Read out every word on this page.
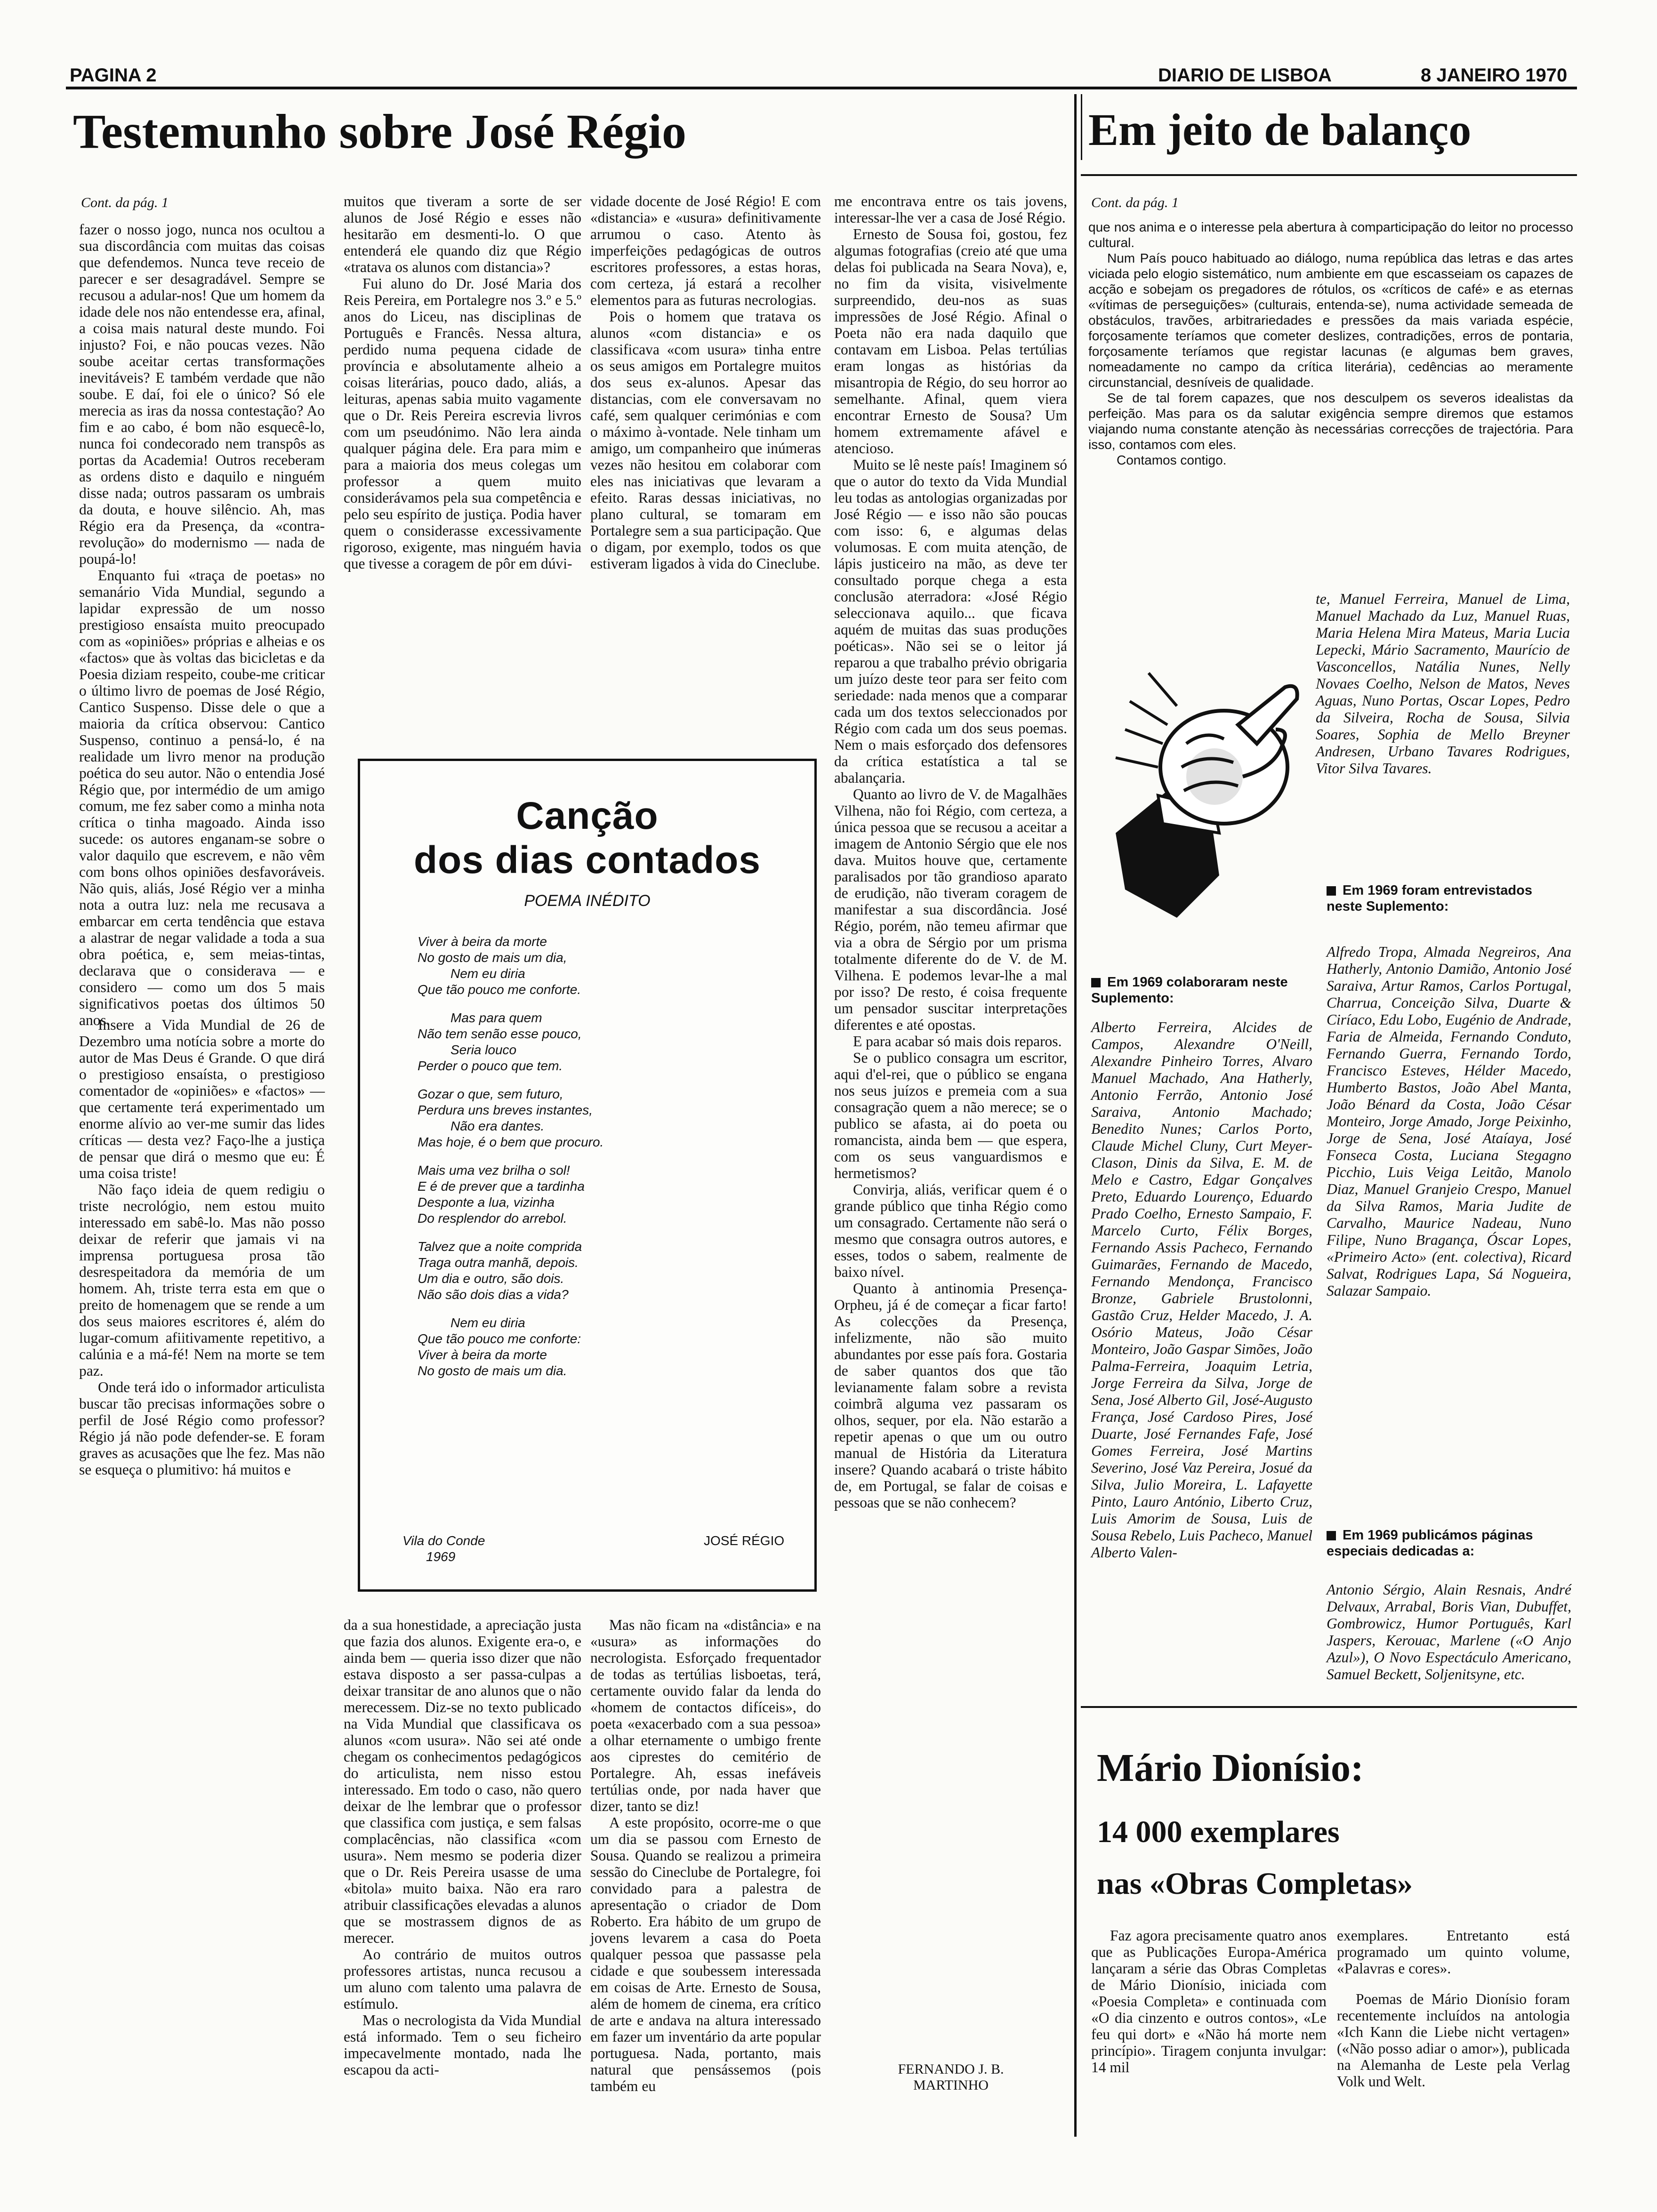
PAGINA 2	DIARIO DE LISBOA	8 JANEIRO 1970
Testemunho sobre José Régio
Cont. da pág. 1

fazer o nosso jogo, nunca nos ocultou a sua discordância com muitas das coisas que defendemos. Nunca teve receio de parecer e ser desagradável. Sempre se recusou a adular-nos! Que um homem da idade dele nos não entendesse era, afinal, a coisa mais natural deste mundo. Foi injusto? Foi, e não poucas vezes. Não soube aceitar certas transformações inevitáveis? E também verdade que não soube. E daí, foi ele o único? Só ele merecia as iras da nossa contestação? Ao fim e ao cabo, é bom não esquecê-lo, nunca foi condecorado nem transpôs as portas da Academia! Outros receberam as ordens disto e daquilo e ninguém disse nada; outros passaram os umbrais da douta, e houve silêncio. Ah, mas Régio era da Presença, da «contra-revolução» do modernismo — nada de poupá-lo!

Enquanto fui «traça de poetas» no semanário Vida Mundial, segundo a lapidar expressão de um nosso prestigioso ensaísta muito preocupado com as «opiniões» próprias e alheias e os «factos» que às voltas das bicicletas e da Poesia diziam respeito, coube-me criticar o último livro de poemas de José Régio, Cantico Suspenso. Disse dele o que a maioria da crítica observou: Cantico Suspenso, continuo a pensá-lo, é na realidade um livro menor na produção poética do seu autor. Não o entendia José Régio que, por intermédio de um amigo comum, me fez saber como a minha nota crítica o tinha magoado. Ainda isso sucede: os autores enganam-se sobre o valor daquilo que escrevem, e não vêm com bons olhos opiniões desfavoráveis. Não quis, aliás, José Régio ver a minha nota a outra luz: nela me recusava a embarcar em certa tendência que estava a alastrar de negar validade a toda a sua obra poética, e, sem meias-tintas, declarava que o considerava — e considero — como um dos 5 mais significativos poetas dos últimos 50 anos.

muitos que tiveram a sorte de ser alunos de José Régio e esses não hesitarão em desmenti-lo. O que entenderá ele quando diz que Régio «tratava os alunos com distancia»?

Fui aluno do Dr. José Maria dos Reis Pereira, em Portalegre nos 3.º e 5.º anos do Liceu, nas disciplinas de Português e Francês. Nessa altura, perdido numa pequena cidade de província e absolutamente alheio a coisas literárias, pouco dado, aliás, a leituras, apenas sabia muito vagamente que o Dr. Reis Pereira escrevia livros com um pseudónimo. Não lera ainda qualquer página dele. Era para mim e para a maioria dos meus colegas um professor a quem muito considerávamos pela sua competência e pelo seu espírito de justiça. Podia haver quem o considerasse excessivamente rigoroso, exigente, mas ninguém havia que tivesse a coragem de pôr em dúvi-

vidade docente de José Régio! E com «distancia» e «usura» definitivamente arrumou o caso. Atento às imperfeições pedagógicas de outros escritores professores, a estas horas, com certeza, já estará a recolher elementos para as futuras necrologias.

Pois o homem que tratava os alunos «com distancia» e os classificava «com usura» tinha entre os seus amigos em Portalegre muitos dos seus ex-alunos. Apesar das distancias, com ele conversavam no café, sem qualquer cerimónias e com o máximo à-vontade. Nele tinham um amigo, um companheiro que inúmeras vezes não hesitou em colaborar com eles nas iniciativas que levaram a efeito. Raras dessas iniciativas, no plano cultural, se tomaram em Portalegre sem a sua participação. Que o digam, por exemplo, todos os que estiveram ligados à vida do Cineclube.

me encontrava entre os tais jovens, interessar-lhe ver a casa de José Régio.

Ernesto de Sousa foi, gostou, fez algumas fotografias (creio até que uma delas foi publicada na Seara Nova), e, no fim da visita, visivelmente surpreendido, deu-nos as suas impressões de José Régio. Afinal o Poeta não era nada daquilo que contavam em Lisboa. Pelas tertúlias eram longas as histórias da misantropia de Régio, do seu horror ao semelhante. Afinal, quem viera encontrar Ernesto de Sousa? Um homem extremamente afável e atencioso.

Muito se lê neste país! Imaginem só que o autor do texto da Vida Mundial leu todas as antologias organizadas por José Régio — e isso não são poucas com isso: 6, e algumas delas volumosas. E com muita atenção, de lápis justiceiro na mão, as deve ter consultado porque chega a esta conclusão aterradora: «José Régio seleccionava aquilo... que ficava aquém de muitas das suas produções poéticas». Não sei se o leitor já reparou a que trabalho prévio obrigaria um juízo deste teor para ser feito com seriedade: nada menos que a comparar cada um dos textos seleccionados por Régio com cada um dos seus poemas. Nem o mais esforçado dos defensores da crítica estatística a tal se abalançaria.

Quanto ao livro de V. de Magalhães Vilhena, não foi Régio, com certeza, a única pessoa que se recusou a aceitar a imagem de Antonio Sérgio que ele nos dava. Muitos houve que, certamente paralisados por tão grandioso aparato de erudição, não tiveram coragem de manifestar a sua discordância. José Régio, porém, não temeu afirmar que via a obra de Sérgio por um prisma totalmente diferente do de V. de M. Vilhena. E podemos levar-lhe a mal por isso? De resto, é coisa frequente um pensador suscitar interpretações diferentes e até opostas.

E para acabar só mais dois reparos.

Se o publico consagra um escritor, aqui d'el-rei, que o público se engana nos seus juízos e premeia com a sua consagração quem a não merece; se o publico se afasta, ai do poeta ou romancista, ainda bem — que espera, com os seus vanguardismos e hermetismos?

Convirja, aliás, verificar quem é o grande público que tinha Régio como um consagrado. Certamente não será o mesmo que consagra outros autores, e esses, todos o sabem, realmente de baixo nível.

Quanto à antinomia Presença-Orpheu, já é de começar a ficar farto! As colecções da Presença, infelizmente, não são muito abundantes por esse país fora. Gostaria de saber quantos dos que tão levianamente falam sobre a revista coimbrã alguma vez passaram os olhos, sequer, por ela. Não estarão a repetir apenas o que um ou outro manual de História da Literatura insere? Quando acabará o triste hábito de, em Portugal, se falar de coisas e pessoas que se não conhecem?

Insere a Vida Mundial de 26 de Dezembro uma notícia sobre a morte do autor de Mas Deus é Grande. O que dirá o prestigioso ensaísta, o prestigioso comentador de «opiniões» e «factos» — que certamente terá experimentado um enorme alívio ao ver-me sumir das lides críticas — desta vez? Faço-lhe a justiça de pensar que dirá o mesmo que eu: É uma coisa triste!

Não faço ideia de quem redigiu o triste necrológio, nem estou muito interessado em sabê-lo. Mas não posso deixar de referir que jamais vi na imprensa portuguesa prosa tão desrespeitadora da memória de um homem. Ah, triste terra esta em que o preito de homenagem que se rende a um dos seus maiores escritores é, além do lugar-comum afiitivamente repetitivo, a calúnia e a má-fé! Nem na morte se tem paz.

Onde terá ido o informador articulista buscar tão precisas informações sobre o perfil de José Régio como professor? Régio já não pode defender-se. E foram graves as acusações que lhe fez. Mas não se esqueça o plumitivo: há muitos e

da a sua honestidade, a apreciação justa que fazia dos alunos. Exigente era-o, e ainda bem — queria isso dizer que não estava disposto a ser passa-culpas a deixar transitar de ano alunos que o não merecessem. Diz-se no texto publicado na Vida Mundial que classificava os alunos «com usura». Não sei até onde chegam os conhecimentos pedagógicos do articulista, nem nisso estou interessado. Em todo o caso, não quero deixar de lhe lembrar que o professor que classifica com justiça, e sem falsas complacências, não classifica «com usura». Nem mesmo se poderia dizer que o Dr. Reis Pereira usasse de uma «bitola» muito baixa. Não era raro atribuir classificações elevadas a alunos que se mostrassem dignos de as merecer.

Ao contrário de muitos outros professores artistas, nunca recusou a um aluno com talento uma palavra de estímulo.

Mas o necrologista da Vida Mundial está informado. Tem o seu ficheiro impecavelmente montado, nada lhe escapou da acti-

Mas não ficam na «distância» e na «usura» as informações do necrologista. Esforçado frequentador de todas as tertúlias lisboetas, terá, certamente ouvido falar da lenda do «homem de contactos difíceis», do poeta «exacerbado com a sua pessoa» a olhar eternamente o umbigo frente aos ciprestes do cemitério de Portalegre. Ah, essas inefáveis tertúlias onde, por nada haver que dizer, tanto se diz!

A este propósito, ocorre-me o que um dia se passou com Ernesto de Sousa. Quando se realizou a primeira sessão do Cineclube de Portalegre, foi convidado para a palestra de apresentação o criador de Dom Roberto. Era hábito de um grupo de jovens levarem a casa do Poeta qualquer pessoa que passasse pela cidade e que soubessem interessada em coisas de Arte. Ernesto de Sousa, além de homem de cinema, era crítico de arte e andava na altura interessado em fazer um inventário da arte popular portuguesa. Nada, portanto, mais natural que pensássemos (pois também eu

FERNANDO J. B.
MARTINHO
Canção
dos dias contados
POEMA INÉDITO
Viver à beira da morte
No gosto de mais um dia,
Nem eu diria
Que tão pouco me conforte.
Mas para quem
Não tem senão esse pouco,
Seria louco
Perder o pouco que tem.
Gozar o que, sem futuro,
Perdura uns breves instantes,
Não era dantes.
Mas hoje, é o bem que procuro.
Mais uma vez brilha o sol!
E é de prever que a tardinha
Desponte a lua, vizinha
Do resplendor do arrebol.
Talvez que a noite comprida
Traga outra manhã, depois.
Um dia e outro, são dois.
Não são dois dias a vida?
Nem eu diria
Que tão pouco me conforte:
Viver à beira da morte
No gosto de mais um dia.
Vila do Conde
1969
JOSÉ RÉGIO
Em jeito de balanço
Cont. da pág. 1

que nos anima e o interesse pela abertura à comparticipação do leitor no processo cultural.

Num País pouco habituado ao diálogo, numa república das letras e das artes viciada pelo elogio sistemático, num ambiente em que escasseiam os capazes de acção e sobejam os pregadores de rótulos, os «críticos de café» e as eternas «vítimas de perseguições» (culturais, entenda-se), numa actividade semeada de obstáculos, travões, arbitrariedades e pressões da mais variada espécie, forçosamente teríamos que cometer deslizes, contradições, erros de pontaria, forçosamente teríamos que registar lacunas (e algumas bem graves, nomeadamente no campo da crítica literária), cedências ao meramente circunstancial, desníveis de qualidade.

Se de tal forem capazes, que nos desculpem os severos idealistas da perfeição. Mas para os da salutar exigência sempre diremos que estamos viajando numa constante atenção às necessárias correcções de trajectória. Para isso, contamos com eles.

Contamos contigo.

te, Manuel Ferreira, Manuel de Lima, Manuel Machado da Luz, Manuel Ruas, Maria Helena Mira Mateus, Maria Lucia Lepecki, Mário Sacramento, Maurício de Vasconcellos, Natália Nunes, Nelly Novaes Coelho, Nelson de Matos, Neves Aguas, Nuno Portas, Oscar Lopes, Pedro da Silveira, Rocha de Sousa, Silvia Soares, Sophia de Mello Breyner Andresen, Urbano Tavares Rodrigues, Vitor Silva Tavares.
Em 1969 foram entrevistados neste Suplemento:
Alfredo Tropa, Almada Negreiros, Ana Hatherly, Antonio Damião, Antonio José Saraiva, Artur Ramos, Carlos Portugal, Charrua, Conceição Silva, Duarte & Ciríaco, Edu Lobo, Eugénio de Andrade, Faria de Almeida, Fernando Conduto, Fernando Guerra, Fernando Tordo, Francisco Esteves, Hélder Macedo, Humberto Bastos, João Abel Manta, João Bénard da Costa, João César Monteiro, Jorge Amado, Jorge Peixinho, Jorge de Sena, José Ataíaya, José Fonseca Costa, Luciana Stegagno Picchio, Luis Veiga Leitão, Manolo Diaz, Manuel Granjeio Crespo, Manuel da Silva Ramos, Maria Judite de Carvalho, Maurice Nadeau, Nuno Filipe, Nuno Bragança, Óscar Lopes, «Primeiro Acto» (ent. colectiva), Ricard Salvat, Rodrigues Lapa, Sá Nogueira, Salazar Sampaio.
Em 1969 colaboraram neste Suplemento:
Alberto Ferreira, Alcides de Campos, Alexandre O'Neill, Alexandre Pinheiro Torres, Alvaro Manuel Machado, Ana Hatherly, Antonio Ferrão, Antonio José Saraiva, Antonio Machado; Benedito Nunes; Carlos Porto, Claude Michel Cluny, Curt Meyer-Clason, Dinis da Silva, E. M. de Melo e Castro, Edgar Gonçalves Preto, Eduardo Lourenço, Eduardo Prado Coelho, Ernesto Sampaio, F. Marcelo Curto, Félix Borges, Fernando Assis Pacheco, Fernando Guimarães, Fernando de Macedo, Fernando Mendonça, Francisco Bronze, Gabriele Brustolonni, Gastão Cruz, Helder Macedo, J. A. Osório Mateus, João César Monteiro, João Gaspar Simões, João Palma-Ferreira, Joaquim Letria, Jorge Ferreira da Silva, Jorge de Sena, José Alberto Gil, José-Augusto França, José Cardoso Pires, José Duarte, José Fernandes Fafe, José Gomes Ferreira, José Martins Severino, José Vaz Pereira, Josué da Silva, Julio Moreira, L. Lafayette Pinto, Lauro António, Liberto Cruz, Luis Amorim de Sousa, Luis de Sousa Rebelo, Luis Pacheco, Manuel Alberto Valen-
Em 1969 publicámos páginas especiais dedicadas a:
Antonio Sérgio, Alain Resnais, André Delvaux, Arrabal, Boris Vian, Dubuffet, Gombrowicz, Humor Português, Karl Jaspers, Kerouac, Marlene («O Anjo Azul»), O Novo Espectáculo Americano, Samuel Beckett, Soljenitsyne, etc.
Mário Dionísio:
14 000 exemplares
nas «Obras Completas»

Faz agora precisamente quatro anos que as Publicações Europa-América lançaram a série das Obras Completas de Mário Dionísio, iniciada com «Poesia Completa» e continuada com «O dia cinzento e outros contos», «Le feu qui dort» e «Não há morte nem princípio». Tiragem conjunta invulgar: 14 mil

exemplares. Entretanto está programado um quinto volume, «Palavras e cores».

Poemas de Mário Dionísio foram recentemente incluídos na antologia «Ich Kann die Liebe nicht vertagen» («Não posso adiar o amor»), publicada na Alemanha de Leste pela Verlag Volk und Welt.
